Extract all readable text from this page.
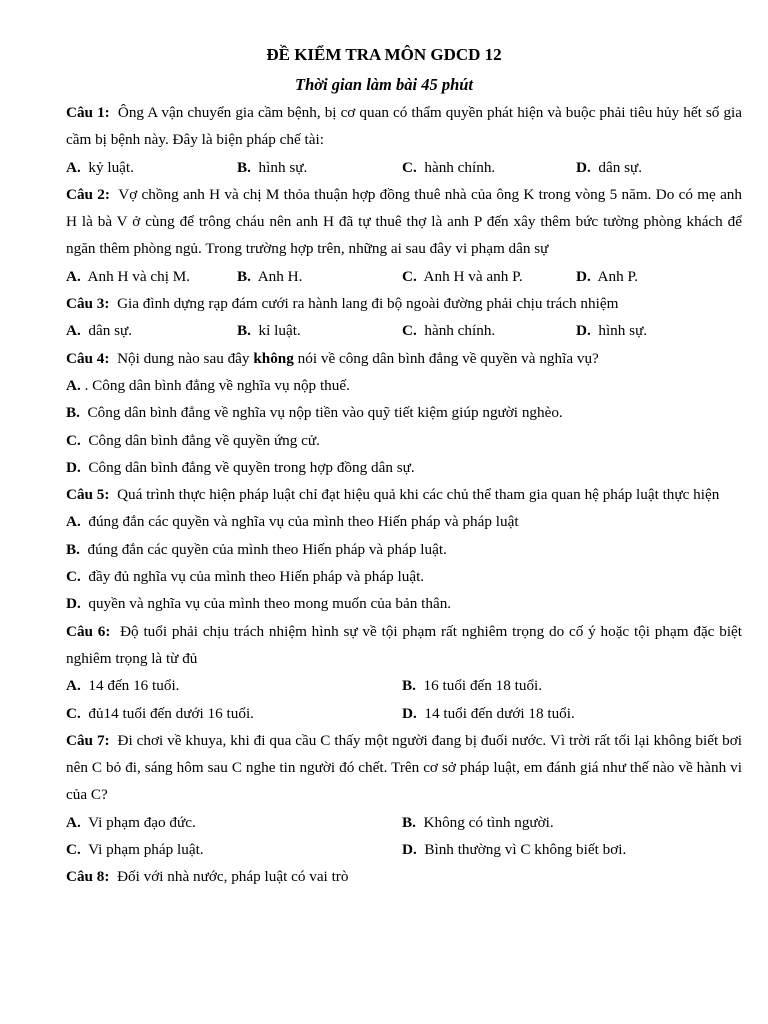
ĐỀ KIỂM TRA MÔN GDCD 12
Thời gian làm bài 45 phút
Câu 1: Ông A vận chuyển gia cầm bệnh, bị cơ quan có thẩm quyền phát hiện và buộc phải tiêu hủy hết số gia cầm bị bệnh này. Đây là biện pháp chế tài:
A. kỷ luật.	B. hình sự.	C. hành chính.	D. dân sự.
Câu 2: Vợ chồng anh H và chị M thỏa thuận hợp đồng thuê nhà của ông K trong vòng 5 năm. Do có mẹ anh H là bà V ở cùng để trông cháu nên anh H đã tự thuê thợ là anh P đến xây thêm bức tường phòng khách để ngăn thêm phòng ngủ. Trong trường hợp trên, những ai sau đây vi phạm dân sự
A. Anh H và chị M.	B. Anh H.	C. Anh H và anh P.	D. Anh P.
Câu 3: Gia đình dựng rạp đám cưới ra hành lang đi bộ ngoài đường phải chịu trách nhiệm
A. dân sự.	B. kỉ luật.	C. hành chính.	D. hình sự.
Câu 4: Nội dung nào sau đây không nói về công dân bình đẳng về quyền và nghĩa vụ?
A. . Công dân bình đẳng về nghĩa vụ nộp thuế.
B. Công dân bình đẳng về nghĩa vụ nộp tiền vào quỹ tiết kiệm giúp người nghèo.
C. Công dân bình đẳng về quyền ứng cử.
D. Công dân bình đẳng về quyền trong hợp đồng dân sự.
Câu 5: Quá trình thực hiện pháp luật chỉ đạt hiệu quả khi các chủ thể tham gia quan hệ pháp luật thực hiện
A. đúng đắn các quyền và nghĩa vụ của mình theo Hiến pháp và pháp luật
B. đúng đắn các quyền của mình theo Hiến pháp và pháp luật.
C. đầy đủ nghĩa vụ của mình theo Hiến pháp và pháp luật.
D. quyền và nghĩa vụ của mình theo mong muốn của bản thân.
Câu 6: Độ tuổi phải chịu trách nhiệm hình sự về tội phạm rất nghiêm trọng do cố ý hoặc tội phạm đặc biệt nghiêm trọng là từ đủ
A. 14 đến 16 tuổi.	B. 16 tuổi đến 18 tuổi.
C. đủ14 tuổi đến dưới 16 tuổi.	D. 14 tuổi đến dưới 18 tuổi.
Câu 7: Đi chơi về khuya, khi đi qua cầu C thấy một người đang bị đuối nước. Vì trời rất tối lại không biết bơi nên C bỏ đi, sáng hôm sau C nghe tin người đó chết. Trên cơ sở pháp luật, em đánh giá như thế nào về hành vi của C?
A. Vi phạm đạo đức.	B. Không có tình người.
C. Vi phạm pháp luật.	D. Bình thường vì C không biết bơi.
Câu 8: Đối với nhà nước, pháp luật có vai trò
